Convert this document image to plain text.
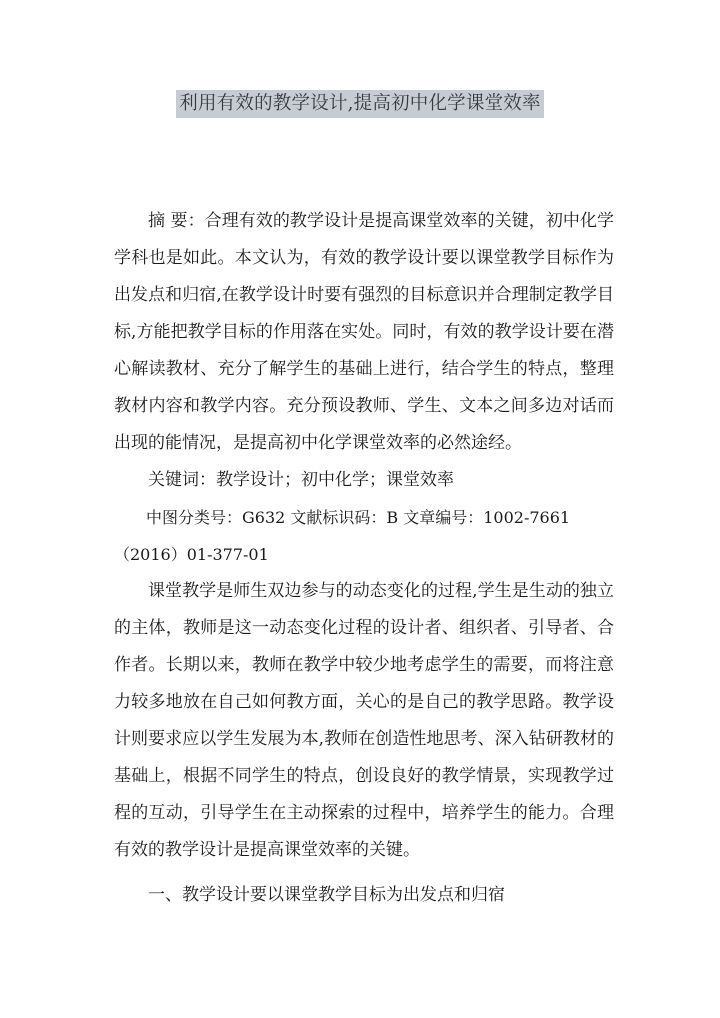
利用有效的教学设计,提高初中化学课堂效率

摘 要：合理有效的教学设计是提高课堂效率的关键，初中化学学科也是如此。本文认为，有效的教学设计要以课堂教学目标作为出发点和归宿,在教学设计时要有强烈的目标意识并合理制定教学目标,方能把教学目标的作用落在实处。同时，有效的教学设计要在潜心解读教材、充分了解学生的基础上进行，结合学生的特点，整理教材内容和教学内容。充分预设教师、学生、文本之间多边对话而出现的能情况，是提高初中化学课堂效率的必然途经。

关键词：教学设计；初中化学；课堂效率

中图分类号：G632 文献标识码：B 文章编号：1002-7661

（2016）01-377-01

课堂教学是师生双边参与的动态变化的过程,学生是生动的独立的主体，教师是这一动态变化过程的设计者、组织者、引导者、合作者。长期以来，教师在教学中较少地考虑学生的需要，而将注意力较多地放在自己如何教方面，关心的是自己的教学思路。教学设计则要求应以学生发展为本,教师在创造性地思考、深入钻研教材的基础上，根据不同学生的特点，创设良好的教学情景，实现教学过程的互动，引导学生在主动探索的过程中，培养学生的能力。合理有效的教学设计是提高课堂效率的关键。

一、教学设计要以课堂教学目标为出发点和归宿
